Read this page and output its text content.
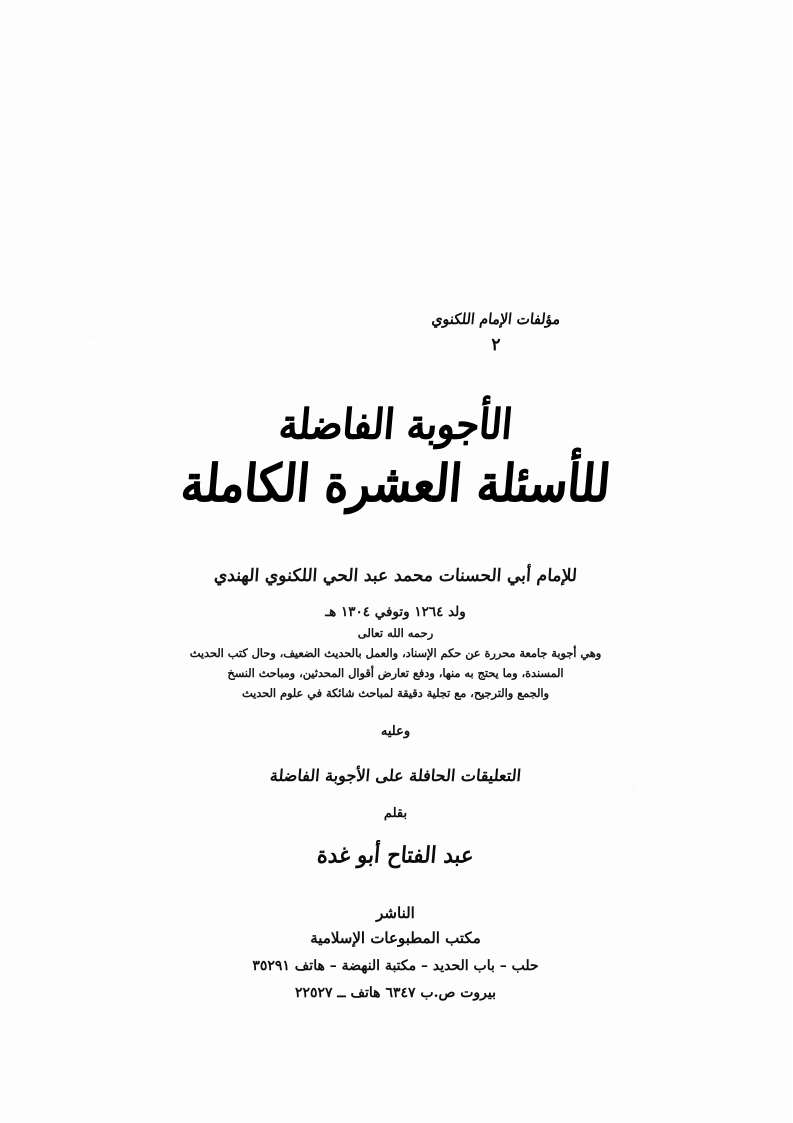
مؤلفات الإمام اللكنوي
٢
الأجوبة الفاضلة
للأسئلة العشرة الكاملة
للإمام أبي الحسنات محمد عبد الحي اللكنوي الهندي
ولد ١٢٦٤ وتوفي ١٣٠٤ هـ
رحمه الله تعالى
وهي أجوبة جامعة محررة عن حكم الإسناد، والعمل بالحديث الضعيف، وحال كتب الحديث
المسندة، وما يحتج به منها، ودفع تعارض أقوال المحدثين، ومباحث النسخ
والجمع والترجيح، مع تجلية دقيقة لمباحث شائكة في علوم الحديث
وعليه
التعليقات الحافلة على الأجوبة الفاضلة
بقلم
عبد الفتاح أبو غدة
الناشر
مكتب المطبوعات الإسلامية
حلب – باب الحديد – مكتبة النهضة – هاتف ٣٥٢٩١
بيروت ص.ب ٦٣٤٧ هاتف ــ ٢٢٥٢٧
